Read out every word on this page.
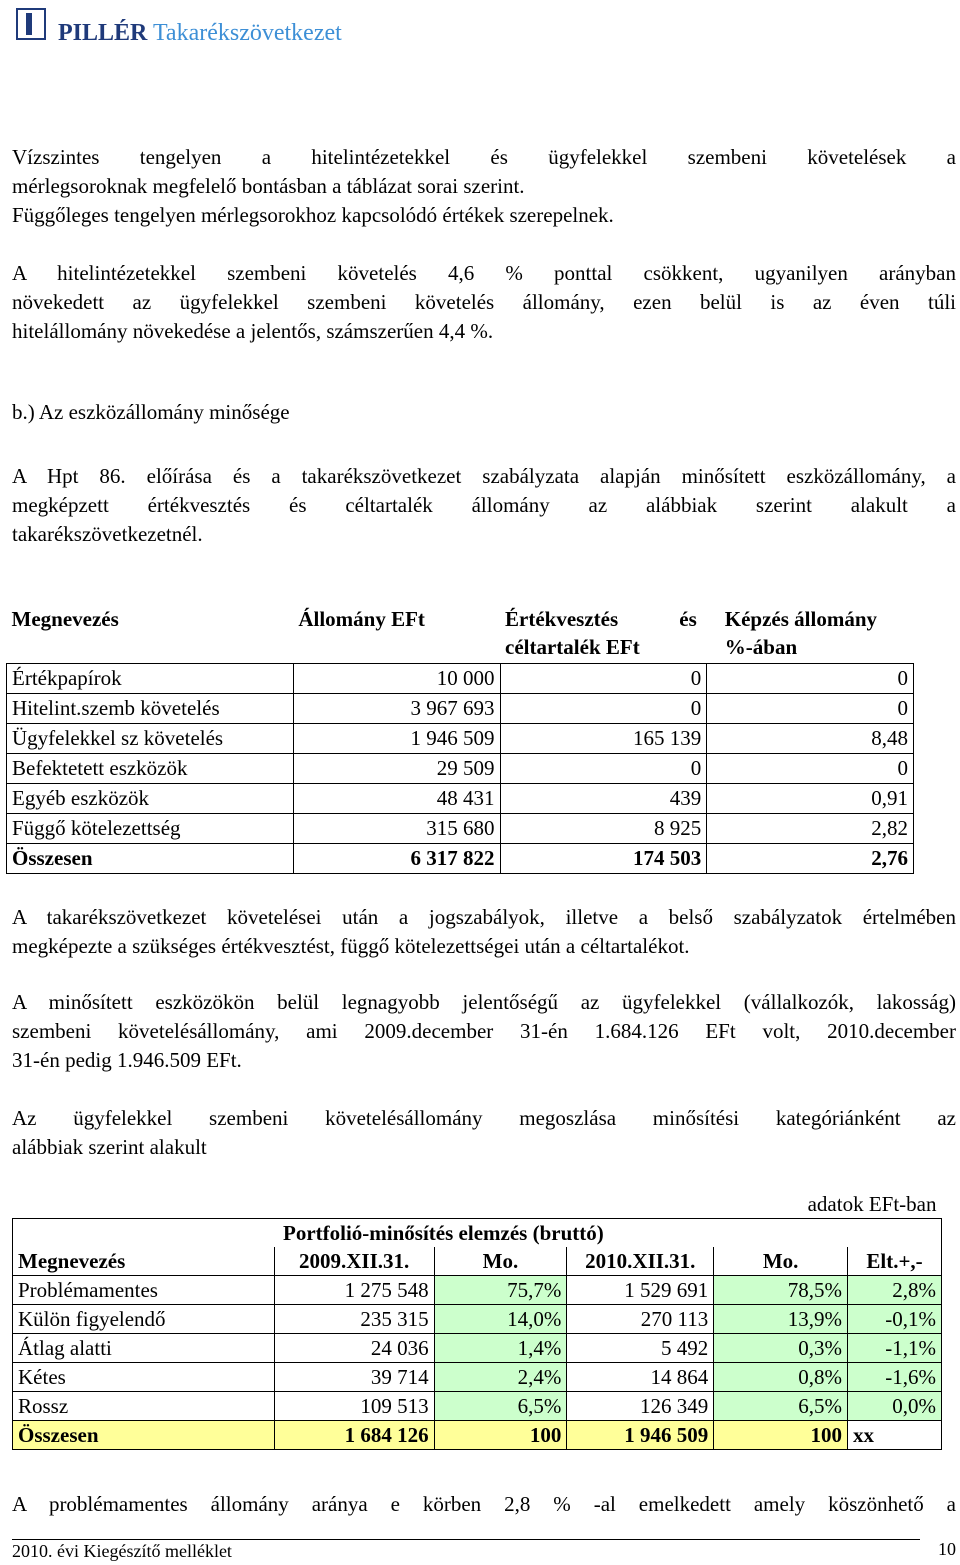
PILLÉR Takarékszövetkezet
Vízszintes tengelyen a hitelintézetekkel és ügyfelekkel szembeni követelések a
mérlegsoroknak megfelelő bontásban a táblázat sorai szerint.
Függőleges tengelyen mérlegsorokhoz kapcsolódó értékek szerepelnek.
A hitelintézetekkel szembeni követelés 4,6 % ponttal csökkent, ugyanilyen arányban
növekedett az ügyfelekkel szembeni követelés állomány, ezen belül is az éven túli
hitelállomány növekedése a jelentős, számszerűen 4,4 %.
b.) Az eszközállomány minősége
A Hpt 86. előírása és a takarékszövetkezet szabályzata alapján minősített eszközállomány, a
megképzett értékvesztés és céltartalék állomány az alábbiak szerint alakult a
takarékszövetkezetnél.
Megnevezés	Állomány EFt	Értékvesztés és céltartalék EFt	Képzés állomány %-ában
Értékpapírok	10 000	0	0
Hitelint.szemb követelés	3 967 693	0	0
Ügyfelekkel sz követelés	1 946 509	165 139	8,48
Befektetett eszközök	29 509	0	0
Egyéb eszközök	48 431	439	0,91
Függő kötelezettség	315 680	8 925	2,82
Összesen	6 317 822	174 503	2,76
A takarékszövetkezet követelései után a jogszabályok, illetve a belső szabályzatok értelmében
megképezte a szükséges értékvesztést, függő kötelezettségei után a céltartalékot.
A minősített eszközökön belül legnagyobb jelentőségű az ügyfelekkel (vállalkozók, lakosság)
szembeni követelésállomány, ami 2009.december 31-én 1.684.126 EFt volt, 2010.december
31-én pedig 1.946.509 EFt.
Az ügyfelekkel szembeni követelésállomány megoszlása minősítési kategóriánként az
alábbiak szerint alakult
adatok EFt-ban					
Portfolió-minősítés elemzés (bruttó)					
Megnevezés	2009.XII.31.	Mo.	2010.XII.31.	Mo.	Elt.+,-
Problémamentes	1 275 548	75,7%	1 529 691	78,5%	2,8%
Külön figyelendő	235 315	14,0%	270 113	13,9%	-0,1%
Átlag alatti	24 036	1,4%	5 492	0,3%	-1,1%
Kétes	39 714	2,4%	14 864	0,8%	-1,6%
Rossz	109 513	6,5%	126 349	6,5%	0,0%
Összesen	1 684 126	100	1 946 509	100	xx
A problémamentes állomány aránya e körben 2,8 % -al emelkedett amely köszönhető a
2010. évi Kiegészítő melléklet	10
